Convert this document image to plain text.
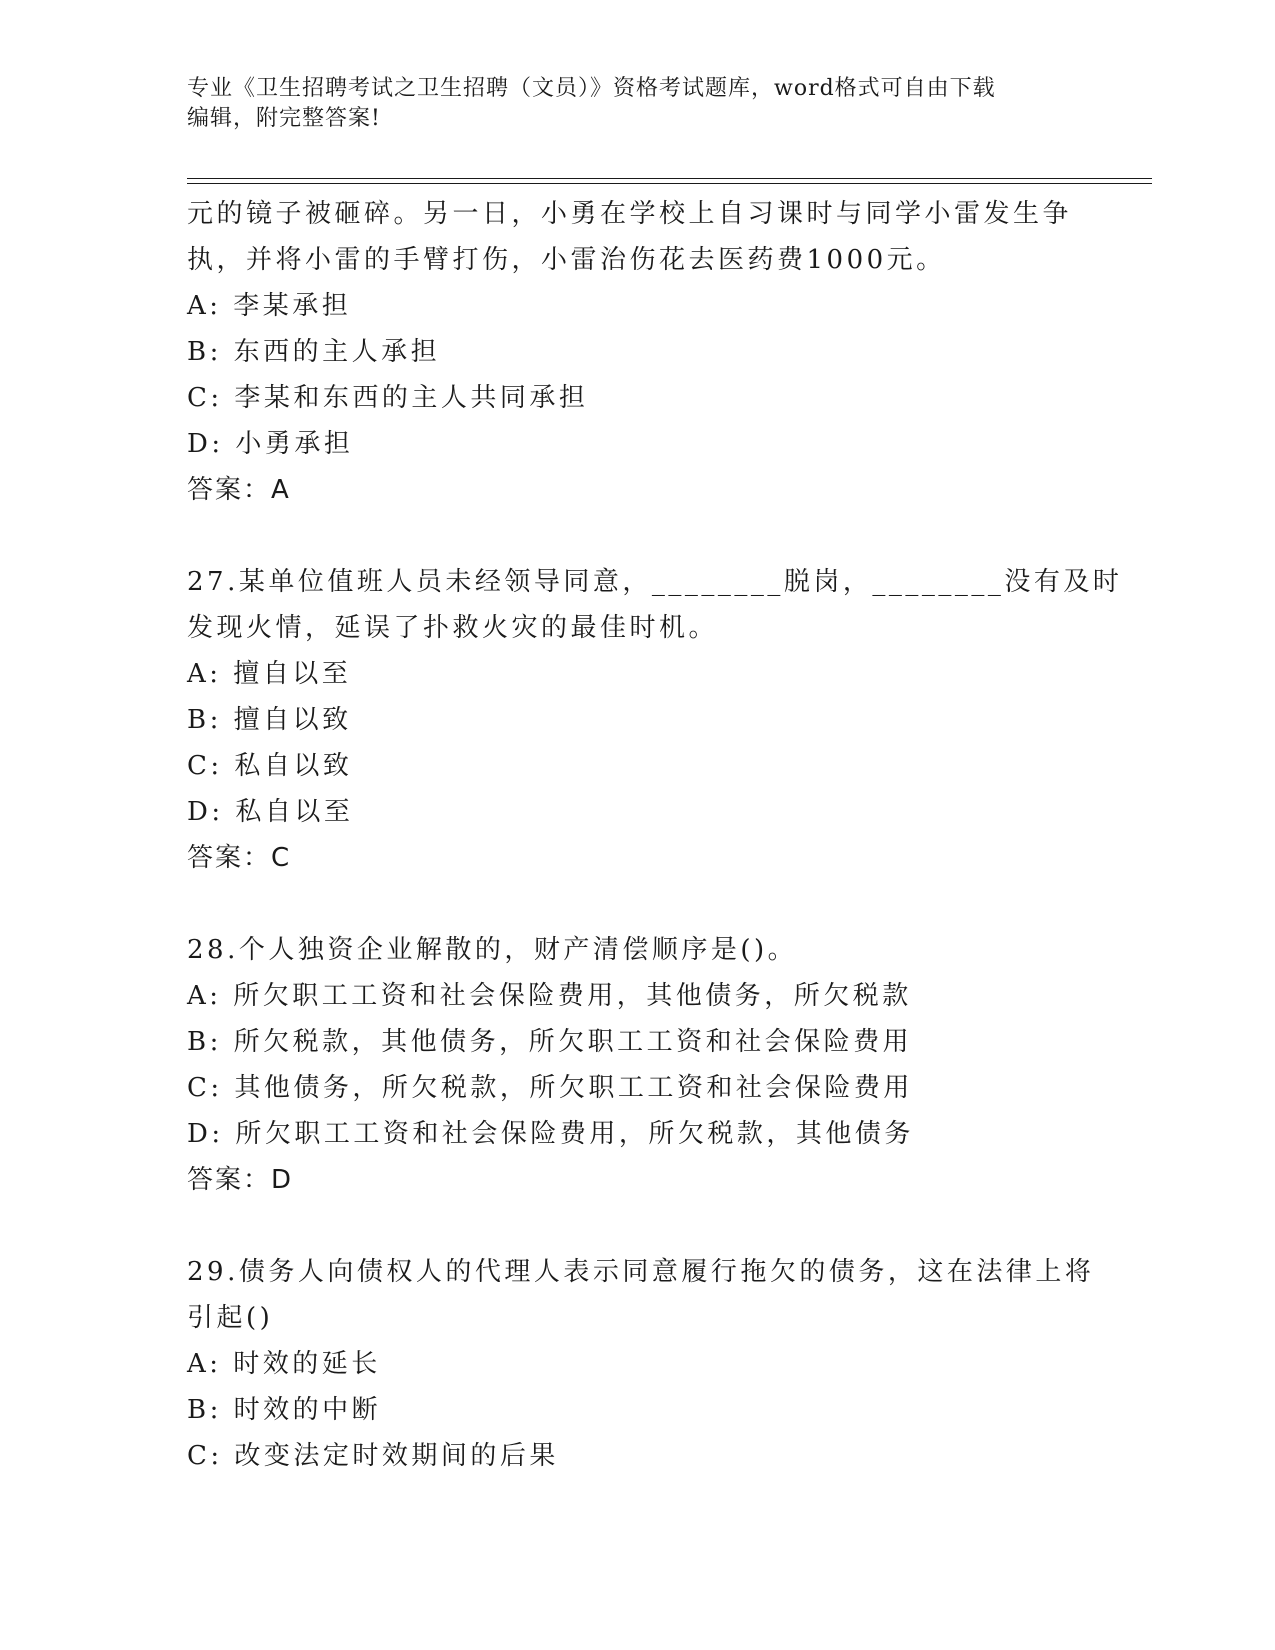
专业《卫生招聘考试之卫生招聘（文员）》资格考试题库，word格式可自由下载
编辑，附完整答案!
元的镜子被砸碎。另一日，小勇在学校上自习课时与同学小雷发生争
执，并将小雷的手臂打伤，小雷治伤花去医药费1000元。
A: 李某承担
B: 东西的主人承担
C: 李某和东西的主人共同承担
D: 小勇承担
答案：A
27.某单位值班人员未经领导同意，________脱岗，________没有及时
发现火情，延误了扑救火灾的最佳时机。
A: 擅自以至
B: 擅自以致
C: 私自以致
D: 私自以至
答案：C
28.个人独资企业解散的，财产清偿顺序是()。
A: 所欠职工工资和社会保险费用，其他债务，所欠税款
B: 所欠税款，其他债务，所欠职工工资和社会保险费用
C: 其他债务，所欠税款，所欠职工工资和社会保险费用
D: 所欠职工工资和社会保险费用，所欠税款，其他债务
答案：D
29.债务人向债权人的代理人表示同意履行拖欠的债务，这在法律上将
引起()
A: 时效的延长
B: 时效的中断
C: 改变法定时效期间的后果
